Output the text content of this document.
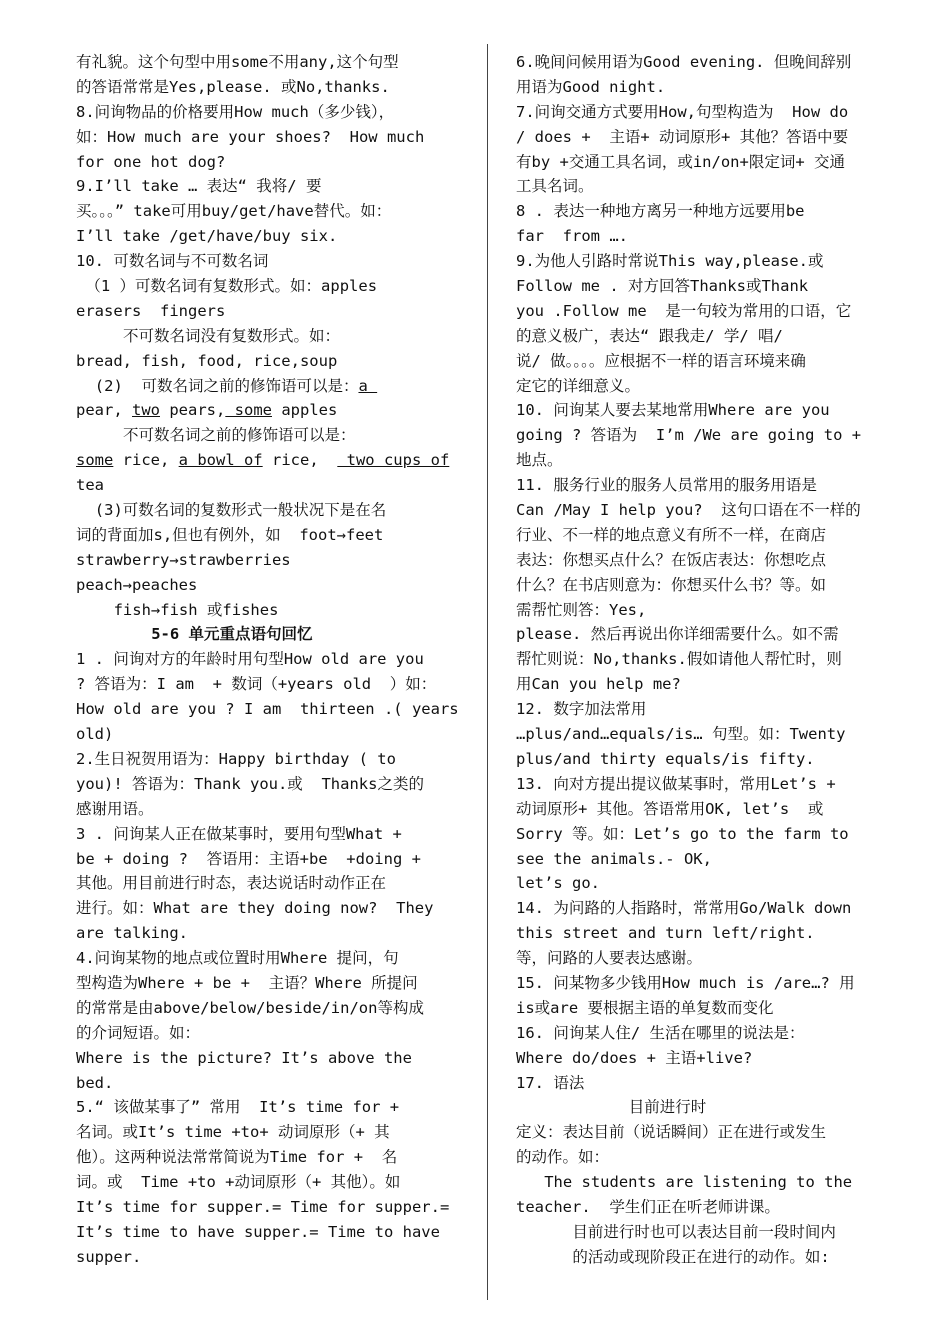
有礼貌。这个句型中用some不用any,这个句型
的答语常常是Yes,please. 或No,thanks.
8.问询物品的价格要用How much（多少钱），
如：How much are your shoes?  How much
for one hot dog?
9.I’ll take … 表达“ 我将/ 要
买。。。” take可用buy/get/have替代。如：
I’ll take /get/have/buy six.
10. 可数名词与不可数名词
（1 ）可数名词有复数形式。如：apples
erasers  fingers
不可数名词没有复数形式。如：
bread, fish, food, rice,soup
(2)  可数名词之前的修饰语可以是：a
pear, two pears, some apples
不可数名词之前的修饰语可以是：
some rice, a bowl of rice,   two cups of
tea
(3)可数名词的复数形式一般状况下是在名
词的背面加s,但也有例外，如  foot→feet
strawberry→strawberries
peach→peaches
fish→fish 或fishes
5-6 单元重点语句回忆
1 . 问询对方的年龄时用句型How old are you
? 答语为：I am  + 数词（+years old  ）如：
How old are you ? I am  thirteen .( years
old)
2.生日祝贺用语为：Happy birthday ( to
you)! 答语为：Thank you.或  Thanks之类的
感谢用语。
3 . 问询某人正在做某事时，要用句型What +
be + doing ?  答语用：主语+be  +doing +
其他。用目前进行时态，表达说话时动作正在
进行。如：What are they doing now?  They
are talking.
4.问询某物的地点或位置时用Where 提问，句
型构造为Where + be +  主语？Where 所提问
的常常是由above/below/beside/in/on等构成
的介词短语。如：
Where is the picture? It’s above the
bed.
5.“ 该做某事了” 常用  It’s time for +
名词。或It’s time +to+ 动词原形（+ 其
他）。这两种说法常常简说为Time for +  名
词。或  Time +to +动词原形（+ 其他）。如
It’s time for supper.= Time for supper.=
It’s time to have supper.= Time to have
supper.
6.晚间问候用语为Good evening. 但晚间辞别
用语为Good night.
7.问询交通方式要用How,句型构造为  How do
/ does +  主语+ 动词原形+ 其他？答语中要
有by +交通工具名词，或in/on+限定词+ 交通
工具名词。
8 . 表达一种地方离另一种地方远要用be
far  from ….
9.为他人引路时常说This way,please.或
Follow me . 对方回答Thanks或Thank
you .Follow me  是一句较为常用的口语，它
的意义极广，表达“ 跟我走/ 学/ 唱/
说/ 做。。。。应根据不一样的语言环境来确
定它的详细意义。
10. 问询某人要去某地常用Where are you
going ? 答语为  I’m /We are going to +
地点。
11. 服务行业的服务人员常用的服务用语是
Can /May I help you?  这句口语在不一样的
行业、不一样的地点意义有所不一样，在商店
表达：你想买点什么？在饭店表达：你想吃点
什么？在书店则意为：你想买什么书？等。如
需帮忙则答：Yes,
please. 然后再说出你详细需要什么。如不需
帮忙则说：No,thanks.假如请他人帮忙时，则
用Can you help me?
12. 数字加法常用
…plus/and…equals/is… 句型。如：Twenty
plus/and thirty equals/is fifty.
13. 向对方提出提议做某事时，常用Let’s +
动词原形+ 其他。答语常用OK, let’s  或
Sorry 等。如：Let’s go to the farm to
see the animals.- OK,
let’s go.
14. 为问路的人指路时，常常用Go/Walk down
this street and turn left/right.
等，问路的人要表达感谢。
15. 问某物多少钱用How much is /are…? 用
is或are 要根据主语的单复数而变化
16. 问询某人住/ 生活在哪里的说法是：
Where do/does + 主语+live?
17. 语法
目前进行时
定义：表达目前（说话瞬间）正在进行或发生
的动作。如：
The students are listening to the
teacher.  学生们正在听老师讲课。
目前进行时也可以表达目前一段时间内
的活动或现阶段正在进行的动作。如:
